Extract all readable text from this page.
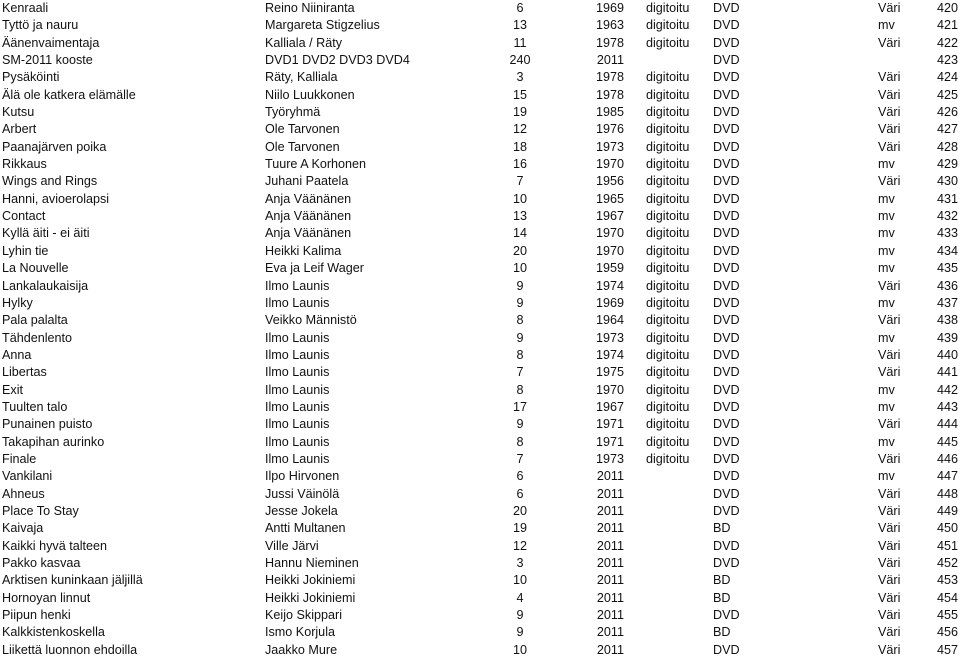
Kenraali	Reino Niiniranta	6	1969 digitoitu DVD	Väri	420
Tyttö ja nauru	Margareta Stigzelius	13	1963 digitoitu DVD	mv	421
Äänenvaimentaja	Kalliala / Räty	11	1978 digitoitu DVD	Väri	422
SM-2011 kooste	DVD1 DVD2 DVD3 DVD4	240	2011	DVD	423
Pysäköinti	Räty, Kalliala	3	1978 digitoitu DVD	Väri	424
Älä ole katkera elämälle	Niilo Luukkonen	15	1978 digitoitu DVD	Väri	425
Kutsu	Työryhmä	19	1985 digitoitu DVD	Väri	426
Arbert	Ole Tarvonen	12	1976 digitoitu DVD	Väri	427
Paanajärven poika	Ole Tarvonen	18	1973 digitoitu DVD	Väri	428
Rikkaus	Tuure A Korhonen	16	1970 digitoitu DVD	mv	429
Wings and Rings	Juhani Paatela	7	1956 digitoitu DVD	Väri	430
Hanni, avioerolapsi	Anja Väänänen	10	1965 digitoitu DVD	mv	431
Contact	Anja Väänänen	13	1967 digitoitu DVD	mv	432
Kyllä äiti - ei äiti	Anja Väänänen	14	1970 digitoitu DVD	mv	433
Lyhin tie	Heikki Kalima	20	1970 digitoitu DVD	mv	434
La Nouvelle	Eva ja Leif Wager	10	1959 digitoitu DVD	mv	435
Lankalaukaisija	Ilmo Launis	9	1974 digitoitu DVD	Väri	436
Hylky	Ilmo Launis	9	1969 digitoitu DVD	mv	437
Pala palalta	Veikko Männistö	8	1964 digitoitu DVD	Väri	438
Tähdenlento	Ilmo Launis	9	1973 digitoitu DVD	mv	439
Anna	Ilmo Launis	8	1974 digitoitu DVD	Väri	440
Libertas	Ilmo Launis	7	1975 digitoitu DVD	Väri	441
Exit	Ilmo Launis	8	1970 digitoitu DVD	mv	442
Tuulten talo	Ilmo Launis	17	1967 digitoitu DVD	mv	443
Punainen puisto	Ilmo Launis	9	1971 digitoitu DVD	Väri	444
Takapihan aurinko	Ilmo Launis	8	1971 digitoitu DVD	mv	445
Finale	Ilmo Launis	7	1973 digitoitu DVD	Väri	446
Vankilani	Ilpo Hirvonen	6	2011	DVD	mv	447
Ahneus	Jussi Väinölä	6	2011	DVD	Väri	448
Place To Stay	Jesse Jokela	20	2011	DVD	Väri	449
Kaivaja	Antti Multanen	19	2011	BD	Väri	450
Kaikki hyvä talteen	Ville Järvi	12	2011	DVD	Väri	451
Pakko kasvaa	Hannu Nieminen	3	2011	DVD	Väri	452
Arktisen kuninkaan jäljillä	Heikki Jokiniemi	10	2011	BD	Väri	453
Hornoyan linnut	Heikki Jokiniemi	4	2011	BD	Väri	454
Piipun henki	Keijo Skippari	9	2011	DVD	Väri	455
Kalkkistenkoskella	Ismo Korjula	9	2011	BD	Väri	456
Liikettä luonnon ehdoilla	Jaakko Mure	10	2011	DVD	Väri	457
